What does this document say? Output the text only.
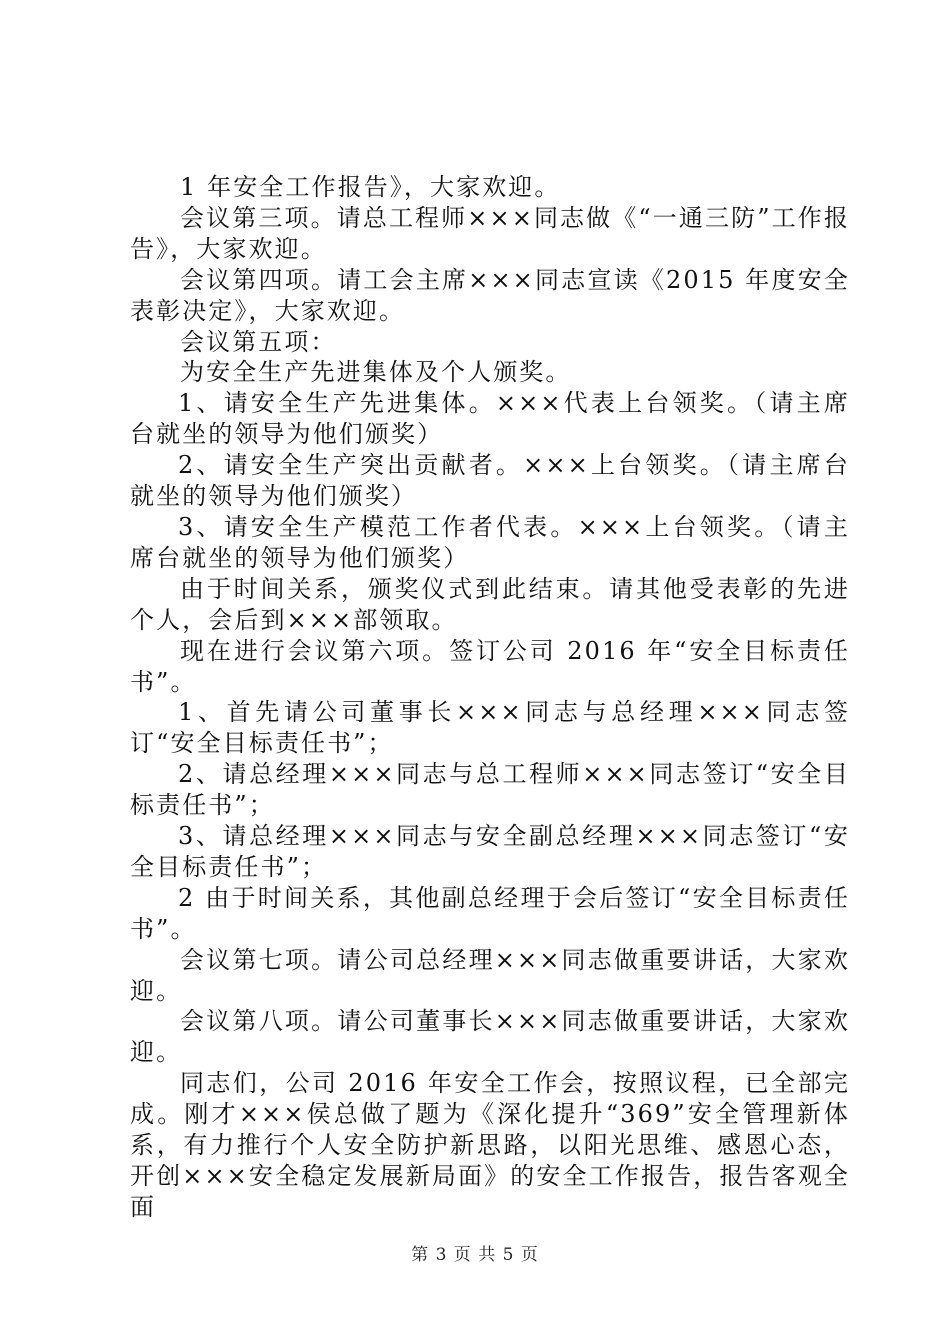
1 年安全工作报告》，大家欢迎。

会议第三项。请总工程师×××同志做《“一通三防”工作报告》，大家欢迎。

会议第四项。请工会主席×××同志宣读《2015 年度安全表彰决定》，大家欢迎。

会议第五项：

为安全生产先进集体及个人颁奖。

1、请安全生产先进集体。×××代表上台领奖。（请主席台就坐的领导为他们颁奖）

2、请安全生产突出贡献者。×××上台领奖。（请主席台就坐的领导为他们颁奖）

3、请安全生产模范工作者代表。×××上台领奖。（请主席台就坐的领导为他们颁奖）

由于时间关系，颁奖仪式到此结束。请其他受表彰的先进个人，会后到×××部领取。

现在进行会议第六项。签订公司 2016 年“安全目标责任书”。

1、首先请公司董事长×××同志与总经理×××同志签订“安全目标责任书”；

2、请总经理×××同志与总工程师×××同志签订“安全目标责任书”；

3、请总经理×××同志与安全副总经理×××同志签订“安全目标责任书”；

2 由于时间关系，其他副总经理于会后签订“安全目标责任书”。

会议第七项。请公司总经理×××同志做重要讲话，大家欢迎。

会议第八项。请公司董事长×××同志做重要讲话，大家欢迎。

同志们，公司 2016 年安全工作会，按照议程，已全部完成。刚才×××侯总做了题为《深化提升“369”安全管理新体系，有力推行个人安全防护新思路，以阳光思维、感恩心态，开创×××安全稳定发展新局面》的安全工作报告，报告客观全面

第 3 页 共 5 页
